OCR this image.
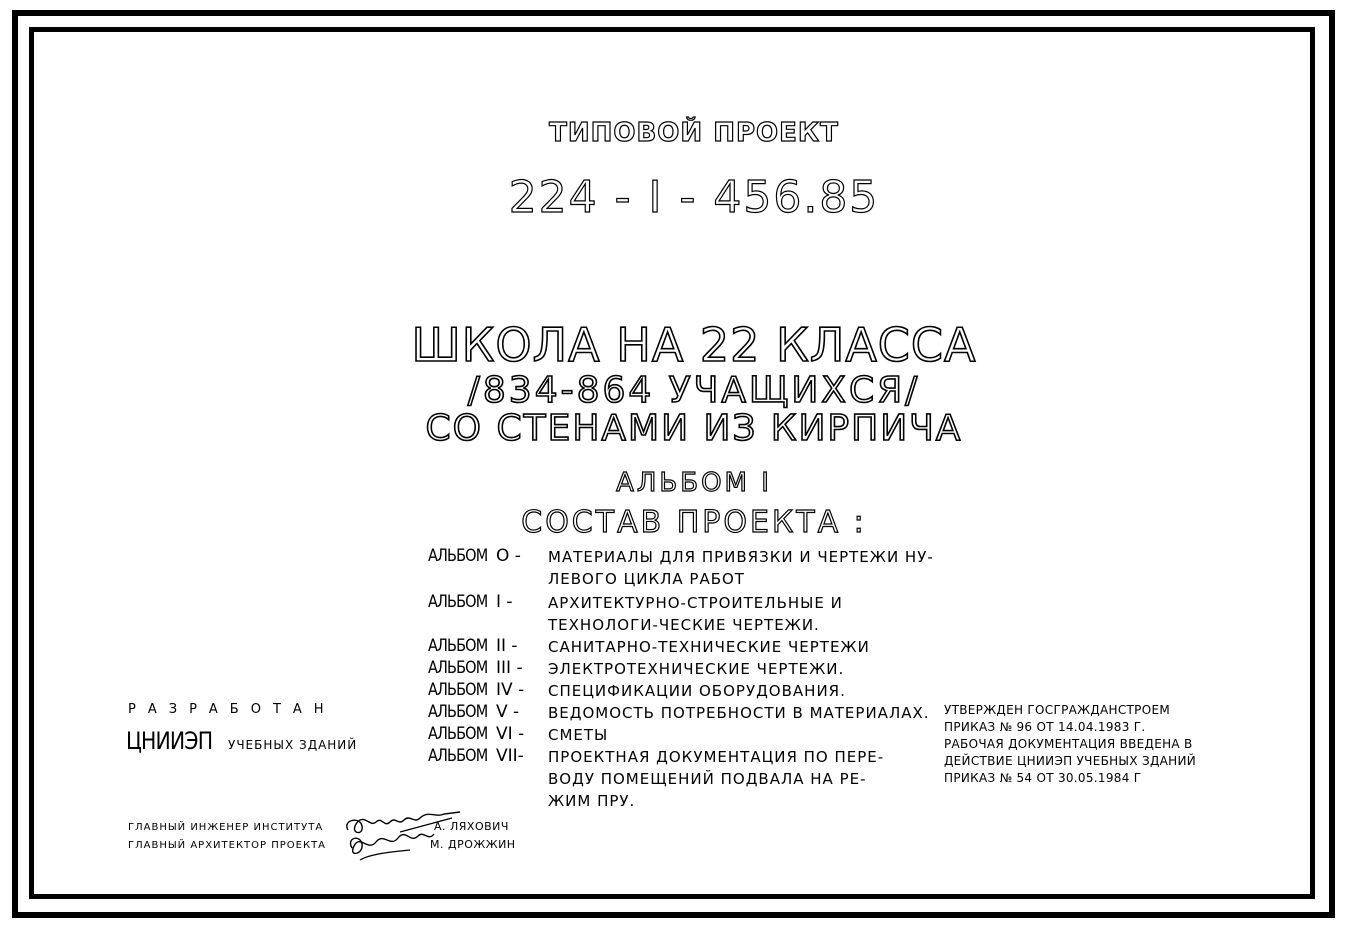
ТИПОВОЙ ПРОЕКТ
224 - I - 456.85
ШКОЛА НА 22 КЛАССА
/834-864 УЧАЩИХСЯ/
СО СТЕНАМИ ИЗ КИРПИЧА
АЛЬБОМ I
СОСТАВ ПРОЕКТА :
АЛЬБОМ О -	МАТЕРИАЛЫ ДЛЯ ПРИВЯЗКИ И ЧЕРТЕЖИ НУ-ЛЕВОГО ЦИКЛА РАБОТ
АЛЬБОМ I -	АРХИТЕКТУРНО-СТРОИТЕЛЬНЫЕ И ТЕХНОЛОГИ-ЧЕСКИЕ ЧЕРТЕЖИ.
АЛЬБОМ II -	САНИТАРНО-ТЕХНИЧЕСКИЕ ЧЕРТЕЖИ
АЛЬБОМ III -	ЭЛЕКТРОТЕХНИЧЕСКИЕ ЧЕРТЕЖИ.
АЛЬБОМ IV -	СПЕЦИФИКАЦИИ ОБОРУДОВАНИЯ.
АЛЬБОМ V -	ВЕДОМОСТЬ ПОТРЕБНОСТИ В МАТЕРИАЛАХ.
АЛЬБОМ VI -	СМЕТЫ
АЛЬБОМ VII-	ПРОЕКТНАЯ ДОКУМЕНТАЦИЯ ПО ПЕРЕ-ВОДУ ПОМЕЩЕНИЙ ПОДВАЛА НА РЕ-ЖИМ ПРУ.
РАЗРАБОТАН
ЦНИИЭП УЧЕБНЫХ ЗДАНИЙ
УТВЕРЖДЕН ГОСГРАЖДАНСТРОЕМ
ПРИКАЗ № 96 ОТ 14.04.1983 Г.
РАБОЧАЯ ДОКУМЕНТАЦИЯ ВВЕДЕНА В
ДЕЙСТВИЕ ЦНИИЭП УЧЕБНЫХ ЗДАНИЙ
ПРИКАЗ № 54 ОТ 30.05.1984 Г
ГЛАВНЫЙ ИНЖЕНЕР ИНСТИТУТА
ГЛАВНЫЙ АРХИТЕКТОР ПРОЕКТА
А. ЛЯХОВИЧ
М. ДРОЖЖИН
